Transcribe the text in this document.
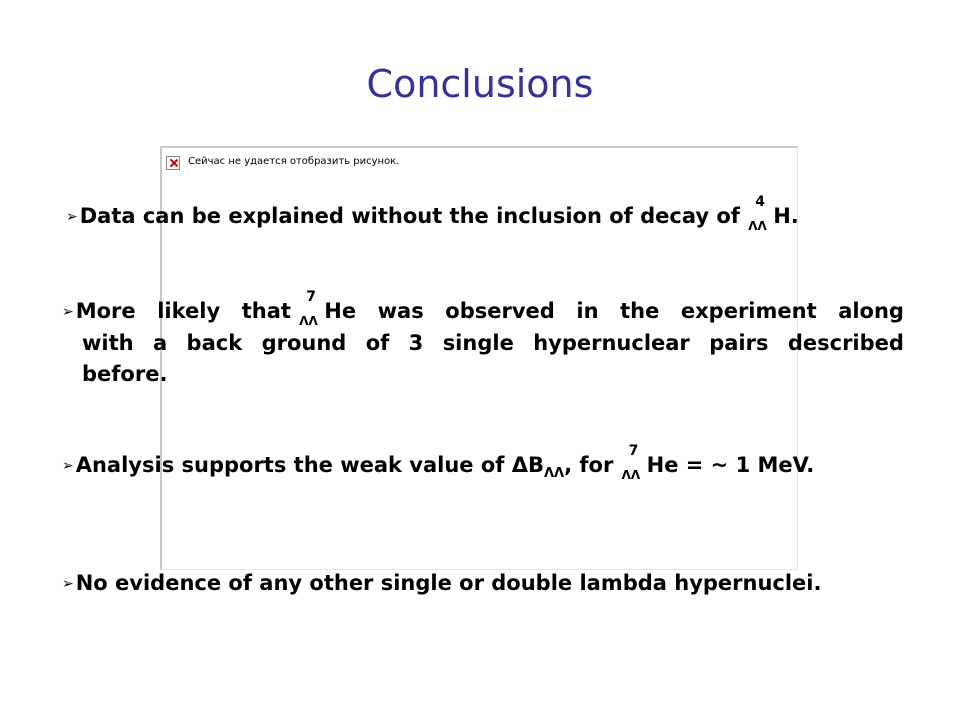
Conclusions
Сейчас не удается отобразить рисунок.
➢Data can be explained without the inclusion of decay of
4
ΛΛ H.
➢More likely that
7
ΛΛ He was observed in the experiment along
with a back ground of 3 single hypernuclear pairs described
before.
➢Analysis supports the weak value of $\Delta B_{\Lambda\Lambda}$, for
7
ΛΛ He = ~ 1 MeV.
➢No evidence of any other single or double lambda hypernuclei.
